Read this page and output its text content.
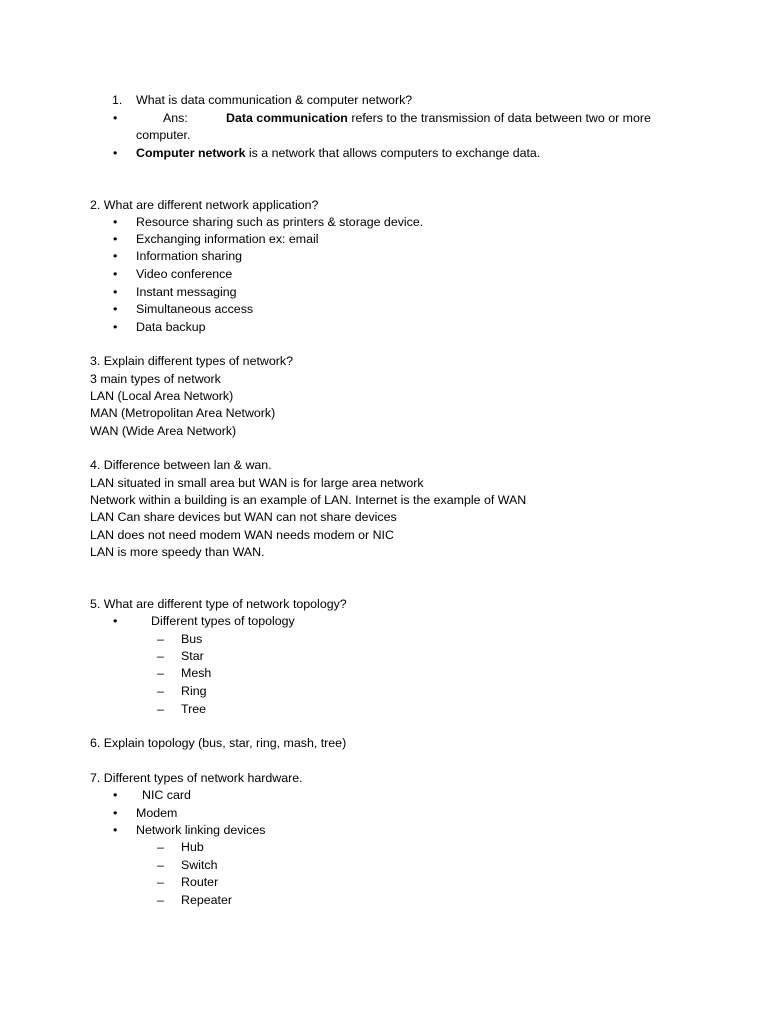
1. What is data communication & computer network?
•	Ans:	Data communication refers to the transmission of data between two or more
computer.
• Computer network is a network that allows computers to exchange data.
2. What are different network application?
• Resource sharing such as printers & storage device.
• Exchanging information ex: email
• Information sharing
• Video conference
• Instant messaging
• Simultaneous access
• Data backup
3. Explain different types of network?
3 main types of network
LAN (Local Area Network)
MAN (Metropolitan Area Network)
WAN (Wide Area Network)
4. Difference between lan & wan.
LAN situated in small area but WAN is for large area network
Network within a building is an example of LAN. Internet is the example of WAN
LAN Can share devices but WAN can not share devices
LAN does not need modem WAN needs modem or NIC
LAN is more speedy than WAN.
5. What are different type of network topology?
•	Different types of topology
– Bus
– Star
– Mesh
– Ring
– Tree
6. Explain topology (bus, star, ring, mash, tree)
7. Different types of network hardware.
• NIC card
• Modem
• Network linking devices
– Hub
– Switch
– Router
– Repeater
